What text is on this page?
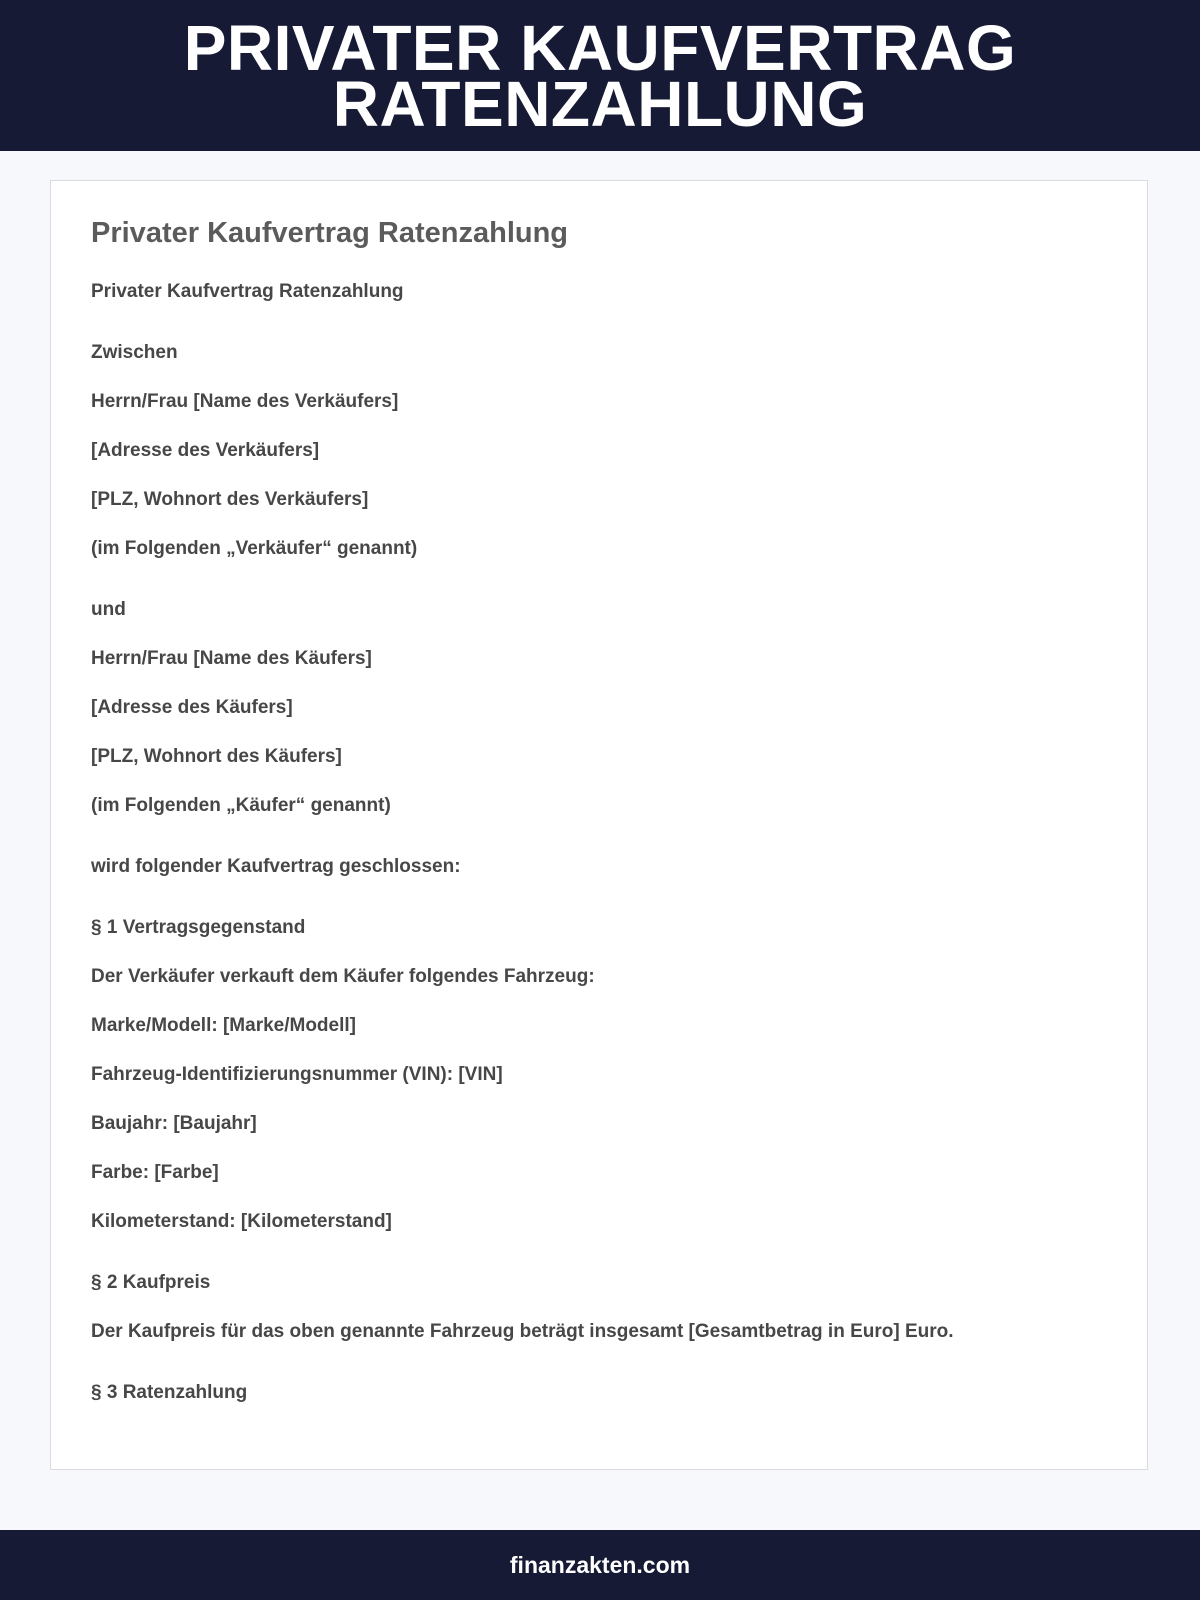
PRIVATER KAUFVERTRAG
RATENZAHLUNG
Privater Kaufvertrag Ratenzahlung

Privater Kaufvertrag Ratenzahlung

Zwischen

Herrn/Frau [Name des Verkäufers]

[Adresse des Verkäufers]

[PLZ, Wohnort des Verkäufers]

(im Folgenden „Verkäufer“ genannt)

und

Herrn/Frau [Name des Käufers]

[Adresse des Käufers]

[PLZ, Wohnort des Käufers]

(im Folgenden „Käufer“ genannt)

wird folgender Kaufvertrag geschlossen:

§ 1 Vertragsgegenstand

Der Verkäufer verkauft dem Käufer folgendes Fahrzeug:

Marke/Modell: [Marke/Modell]

Fahrzeug-Identifizierungsnummer (VIN): [VIN]

Baujahr: [Baujahr]

Farbe: [Farbe]

Kilometerstand: [Kilometerstand]

§ 2 Kaufpreis

Der Kaufpreis für das oben genannte Fahrzeug beträgt insgesamt [Gesamtbetrag in Euro] Euro.

§ 3 Ratenzahlung

finanzakten.com
